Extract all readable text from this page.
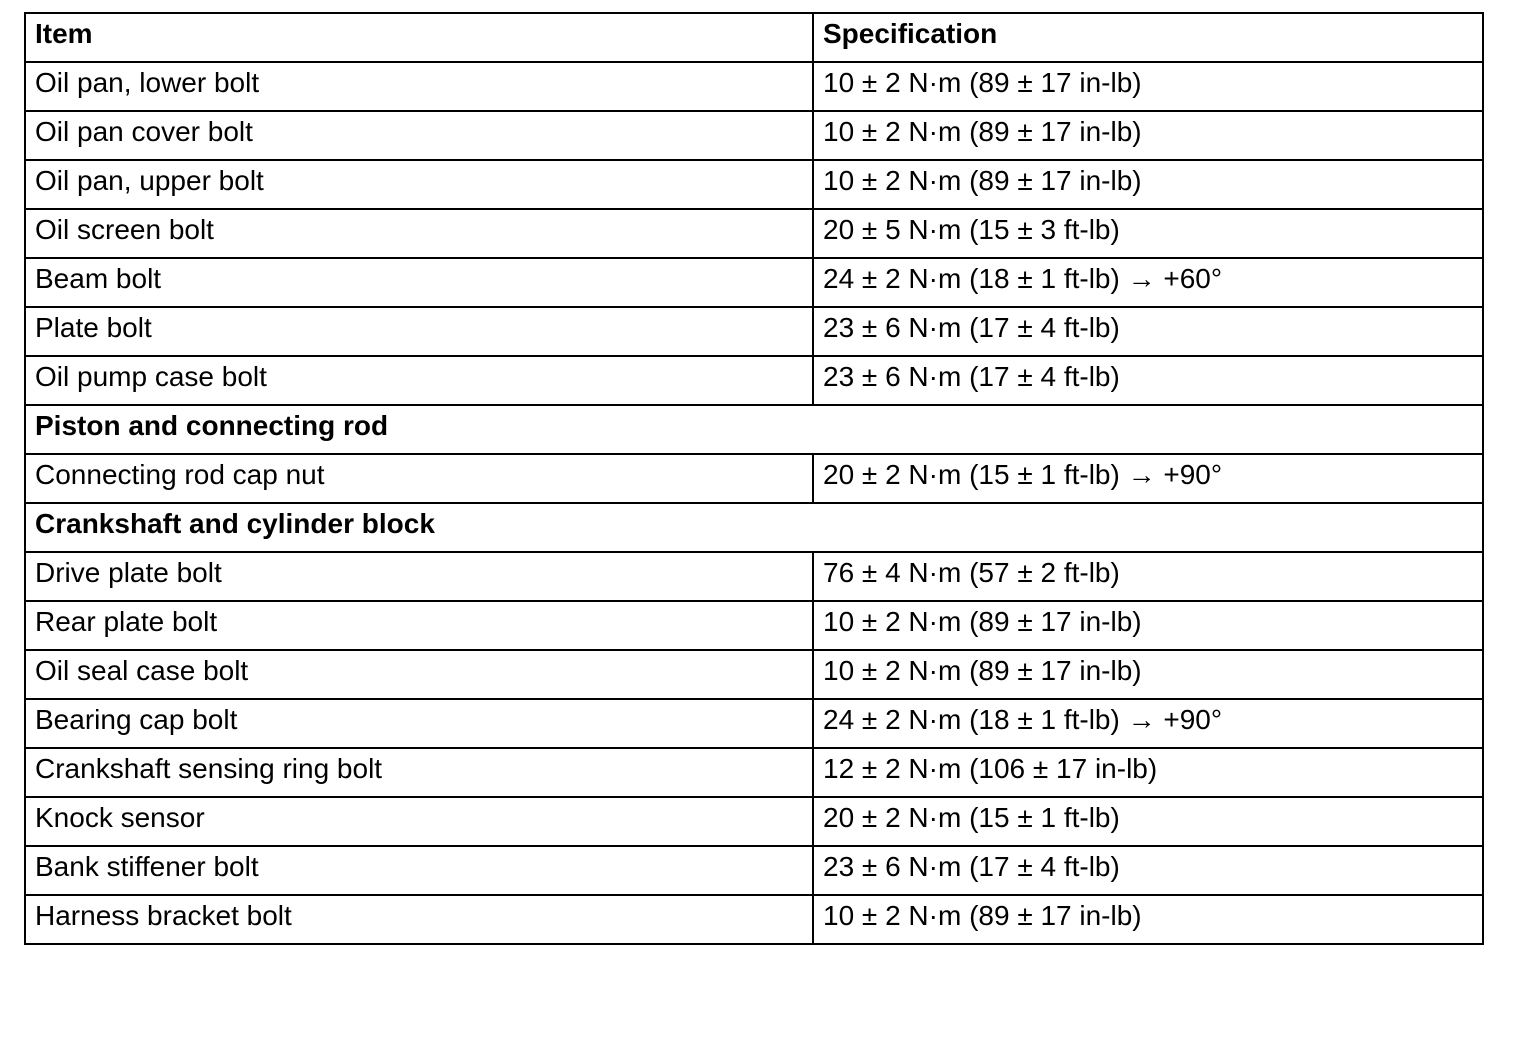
Item	Specification
Oil pan, lower bolt	10 ± 2 N·m (89 ± 17 in-lb)
Oil pan cover bolt	10 ± 2 N·m (89 ± 17 in-lb)
Oil pan, upper bolt	10 ± 2 N·m (89 ± 17 in-lb)
Oil screen bolt	20 ± 5 N·m (15 ± 3 ft-lb)
Beam bolt	24 ± 2 N·m (18 ± 1 ft-lb) → +60°
Plate bolt	23 ± 6 N·m (17 ± 4 ft-lb)
Oil pump case bolt	23 ± 6 N·m (17 ± 4 ft-lb)
Piston and connecting rod	
Connecting rod cap nut	20 ± 2 N·m (15 ± 1 ft-lb) → +90°
Crankshaft and cylinder block	
Drive plate bolt	76 ± 4 N·m (57 ± 2 ft-lb)
Rear plate bolt	10 ± 2 N·m (89 ± 17 in-lb)
Oil seal case bolt	10 ± 2 N·m (89 ± 17 in-lb)
Bearing cap bolt	24 ± 2 N·m (18 ± 1 ft-lb) → +90°
Crankshaft sensing ring bolt	12 ± 2 N·m (106 ± 17 in-lb)
Knock sensor	20 ± 2 N·m (15 ± 1 ft-lb)
Bank stiffener bolt	23 ± 6 N·m (17 ± 4 ft-lb)
Harness bracket bolt	10 ± 2 N·m (89 ± 17 in-lb)
